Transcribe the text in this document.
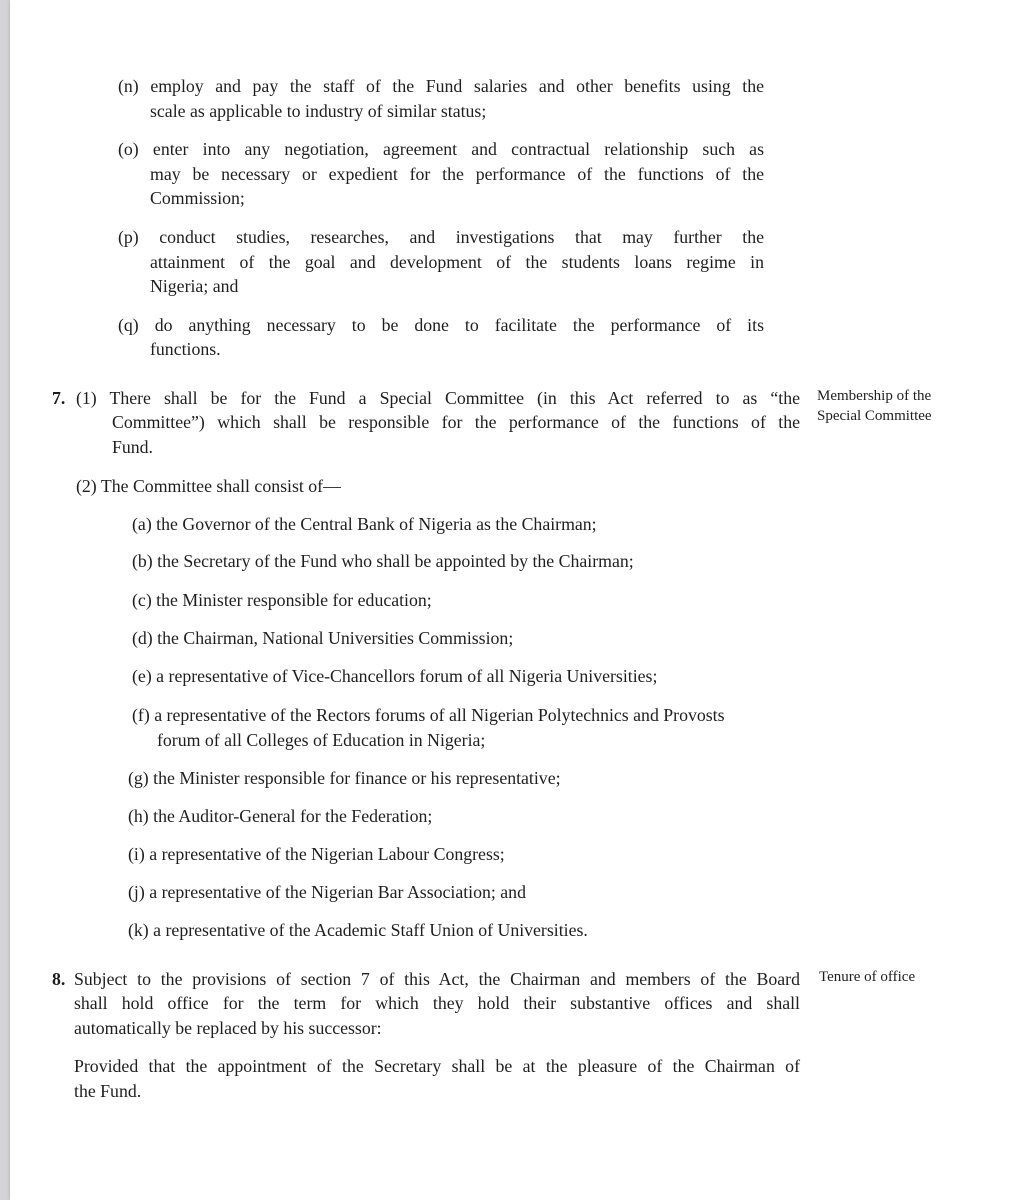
(n) employ and pay the staff of the Fund salaries and other benefits using the
scale as applicable to industry of similar status;
(o) enter into any negotiation, agreement and contractual relationship such as
may be necessary or expedient for the performance of the functions of the
Commission;
(p) conduct studies, researches, and investigations that may further the
attainment of the goal and development of the students loans regime in
Nigeria; and
(q) do anything necessary to be done to facilitate the performance of its
functions.
7. (1) There shall be for the Fund a Special Committee (in this Act referred to as “the
Committee”) which shall be responsible for the performance of the functions of the
Fund.
Membership of the
Special Committee
(2) The Committee shall consist of—
(a) the Governor of the Central Bank of Nigeria as the Chairman;
(b) the Secretary of the Fund who shall be appointed by the Chairman;
(c) the Minister responsible for education;
(d) the Chairman, National Universities Commission;
(e) a representative of Vice-Chancellors forum of all Nigeria Universities;
(f) a representative of the Rectors forums of all Nigerian Polytechnics and Provosts
forum of all Colleges of Education in Nigeria;
(g) the Minister responsible for finance or his representative;
(h) the Auditor-General for the Federation;
(i) a representative of the Nigerian Labour Congress;
(j) a representative of the Nigerian Bar Association; and
(k) a representative of the Academic Staff Union of Universities.
8. Subject to the provisions of section 7 of this Act, the Chairman and members of the Board
shall hold office for the term for which they hold their substantive offices and shall
automatically be replaced by his successor:
Tenure of office
Provided that the appointment of the Secretary shall be at the pleasure of the Chairman of
the Fund.
